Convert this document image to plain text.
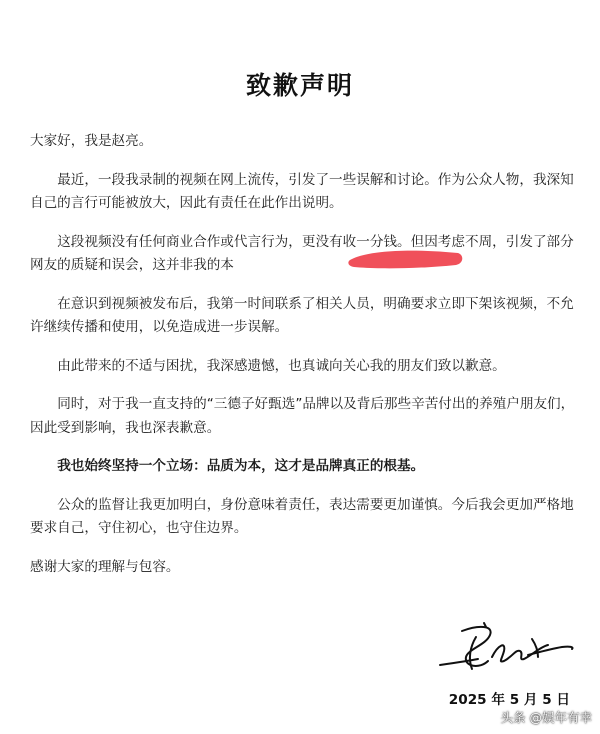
致歉声明

大家好，我是赵亮。

最近，一段我录制的视频在网上流传，引发了一些误解和讨论。作为公众人物，我深知自己的言行可能被放大，因此有责任在此作出说明。

这段视频没有任何商业合作或代言行为，更没有收一分钱。但因考虑不周，引发了部分网友的质疑和误会，这并非我的本

在意识到视频被发布后，我第一时间联系了相关人员，明确要求立即下架该视频，不允许继续传播和使用，以免造成进一步误解。

由此带来的不适与困扰，我深感遗憾，也真诚向关心我的朋友们致以歉意。

同时，对于我一直支持的“三德子好甄选”品牌以及背后那些辛苦付出的养殖户朋友们，因此受到影响，我也深表歉意。

我也始终坚持一个立场：品质为本，这才是品牌真正的根基。

公众的监督让我更加明白，身份意味着责任，表达需要更加谨慎。今后我会更加严格地要求自己，守住初心，也守住边界。

感谢大家的理解与包容。

2025 年 5 月 5 日
头条 @娱年有幸
